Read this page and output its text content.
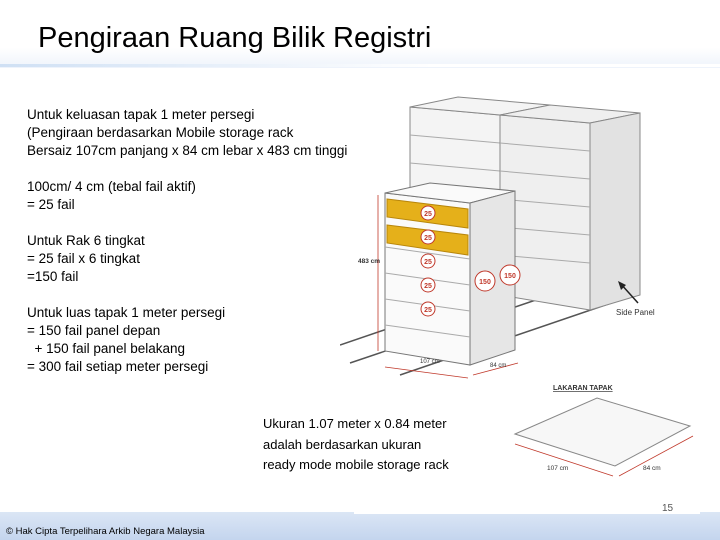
Pengiraan Ruang Bilik Registri
Untuk keluasan tapak 1 meter persegi
(Pengiraan berdasarkan Mobile storage rack
Bersaiz 107cm panjang x 84 cm lebar x 483 cm tinggi
100cm/ 4 cm (tebal fail aktif)
= 25 fail
Untuk Rak 6 tingkat
= 25 fail x 6 tingkat
=150 fail
Untuk luas tapak 1 meter persegi
= 150 fail panel depan
+ 150 fail panel belakang
= 300 fail setiap meter persegi
25
25
25
25
25
150
150
483 cm
107 cm
84 cm
Side Panel
LAKARAN TAPAK
107 cm	84 cm
Ukuran 1.07 meter x 0.84 meter
adalah berdasarkan ukuran
ready mode mobile storage rack
15
© Hak Cipta Terpelihara Arkib Negara Malaysia
